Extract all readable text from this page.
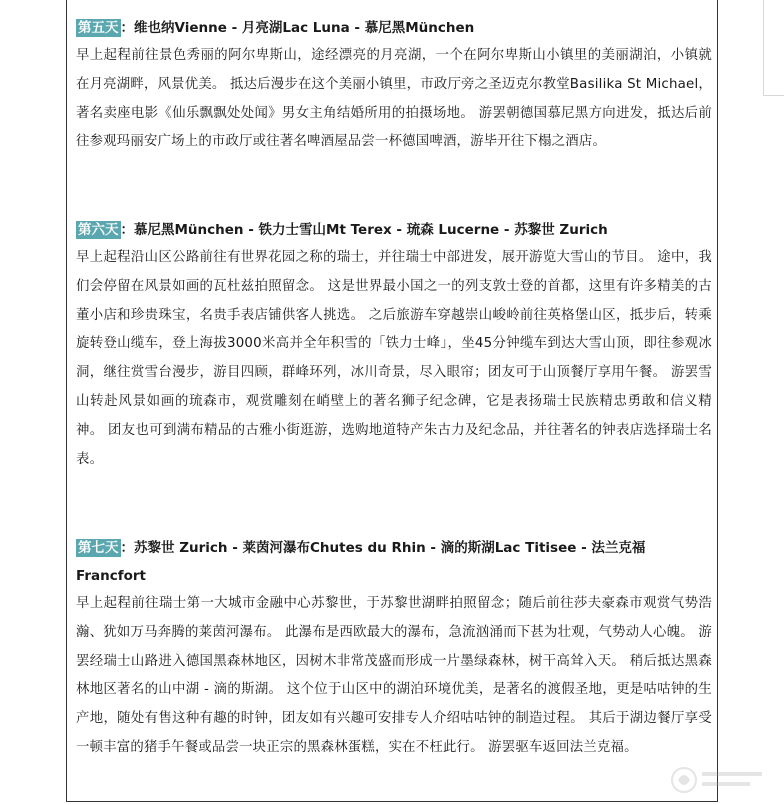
第五天 ：维也纳Vienne - 月亮湖Lac Luna - 慕尼黑München

早上起程前往景色秀丽的阿尔卑斯山，途经漂亮的月亮湖，一个在阿尔卑斯山小镇里的美丽湖泊，小镇就在月亮湖畔，风景优美。 抵达后漫步在这个美丽小镇里，市政厅旁之圣迈克尔教堂Basilika St Michael，著名卖座电影《仙乐飘飘处处闻》男女主角结婚所用的拍摄场地。 游罢朝德国慕尼黑方向进发，抵达后前往参观玛丽安广场上的市政厅或往著名啤酒屋品尝一杯德国啤酒，游毕开往下榻之酒店。

第六天 ：慕尼黑München - 铁力士雪山Mt Terex - 琉森 Lucerne - 苏黎世 Zurich

早上起程沿山区公路前往有世界花园之称的瑞士，并往瑞士中部进发，展开游览大雪山的节目。 途中，我们会停留在风景如画的瓦杜兹拍照留念。 这是世界最小国之一的列支敦士登的首都，这里有许多精美的古董小店和珍贵珠宝，名贵手表店铺供客人挑选。 之后旅游车穿越崇山峻岭前往英格堡山区，抵步后，转乘旋转登山缆车，登上海拔3000米高并全年积雪的「铁力士峰」，坐45分钟缆车到达大雪山顶，即往参观冰 洞，继往赏雪台漫步，游目四顾，群峰环列，冰川奇景，尽入眼帘；团友可于山顶餐厅享用午餐。 游罢雪山转赴风景如画的琉森市，观赏雕刻在峭壁上的著名狮子纪念碑，它是表扬瑞士民族精忠勇敢和信义精神。 团友也可到满布精品的古雅小街逛游，选购地道特产朱古力及纪念品，并往著名的钟表店选择瑞士名表。

第七天 ：苏黎世 Zurich - 莱茵河瀑布Chutes du Rhin - 滴的斯湖Lac Titisee - 法兰克福Francfort

早上起程前往瑞士第一大城市金融中心苏黎世，于苏黎世湖畔拍照留念；随后前往莎夫豪森市观赏气势浩瀚、犹如万马奔腾的莱茵河瀑布。 此瀑布是西欧最大的瀑布，急流汹涌而下甚为壮观，气势动人心魄。 游罢经瑞士山路进入德国黑森林地区，因树木非常茂盛而形成一片墨绿森林，树干高耸入天。 稍后抵达黑森林地区著名的山中湖 - 滴的斯湖。 这个位于山区中的湖泊环境优美，是著名的渡假圣地，更是咕咕钟的生产地，随处有售这种有趣的时钟，团友如有兴趣可安排专人介绍咕咕钟的制造过程。 其后于湖边餐厅享受一顿丰富的猪手午餐或品尝一块正宗的黑森林蛋糕，实在不枉此行。 游罢驱车返回法兰克福。
